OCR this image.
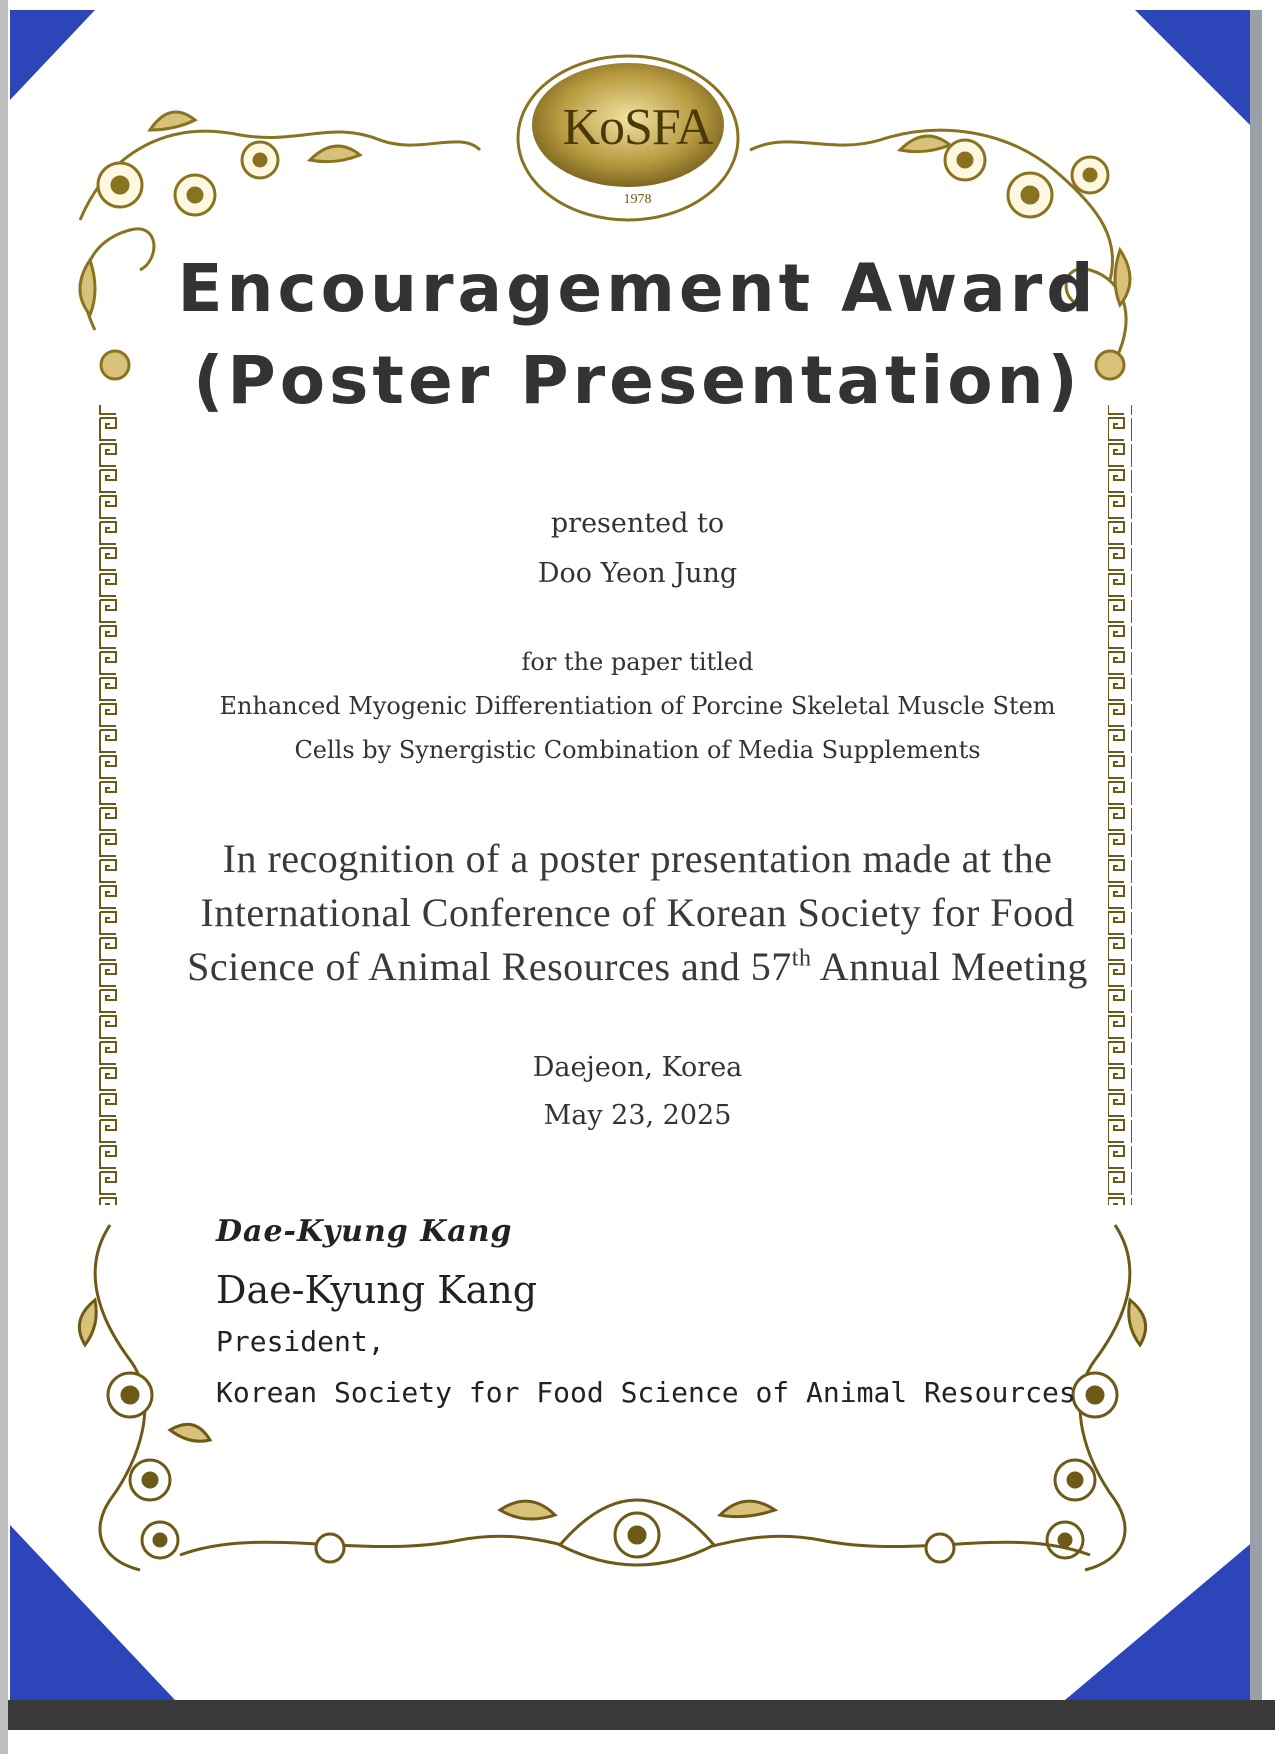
KoSFA
1978
Encouragement Award
(Poster Presentation)
presented to
Doo Yeon Jung
for the paper titled
Enhanced Myogenic Differentiation of Porcine Skeletal Muscle Stem
Cells by Synergistic Combination of Media Supplements
In recognition of a poster presentation made at the
International Conference of Korean Society for Food
Science of Animal Resources and 57th Annual Meeting
Daejeon, Korea
May 23, 2025
Dae-Kyung Kang
Dae-Kyung Kang
President,
Korean Society for Food Science of Animal Resources
